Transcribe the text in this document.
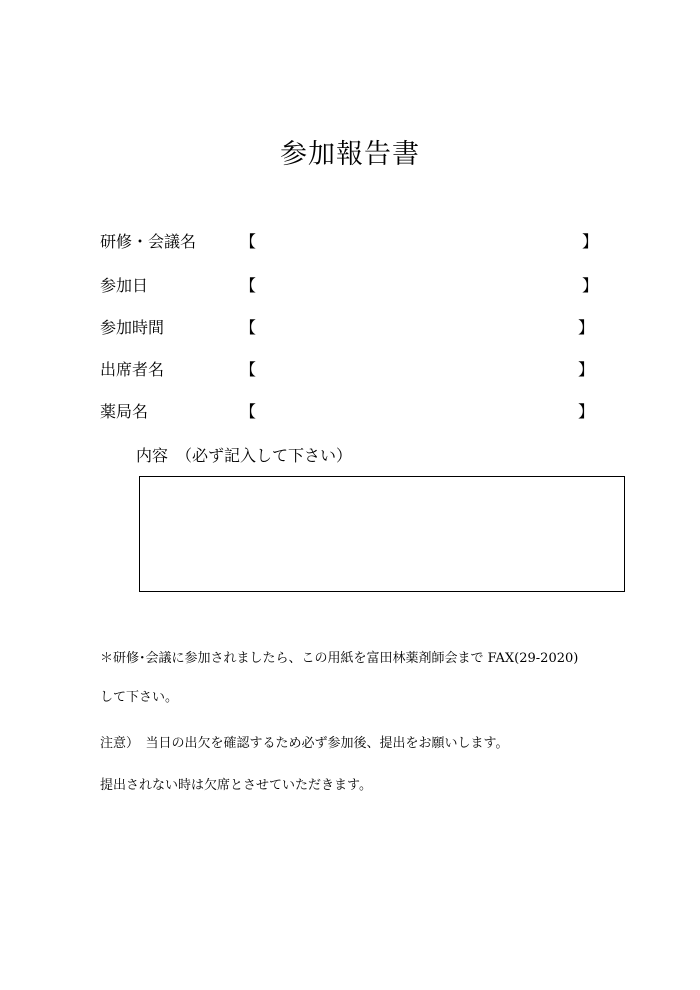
参加報告書
研修・会議名	【	】
参加日	【	】
参加時間	【	】
出席者名	【	】
薬局名	【	】
内容　（必ず記入して下さい）
＊研修･会議に参加されましたら、この用紙を富田林薬剤師会まで FAX(29-2020)
して下さい。
注意）　当日の出欠を確認するため必ず参加後、提出をお願いします。
提出されない時は欠席とさせていただきます。
